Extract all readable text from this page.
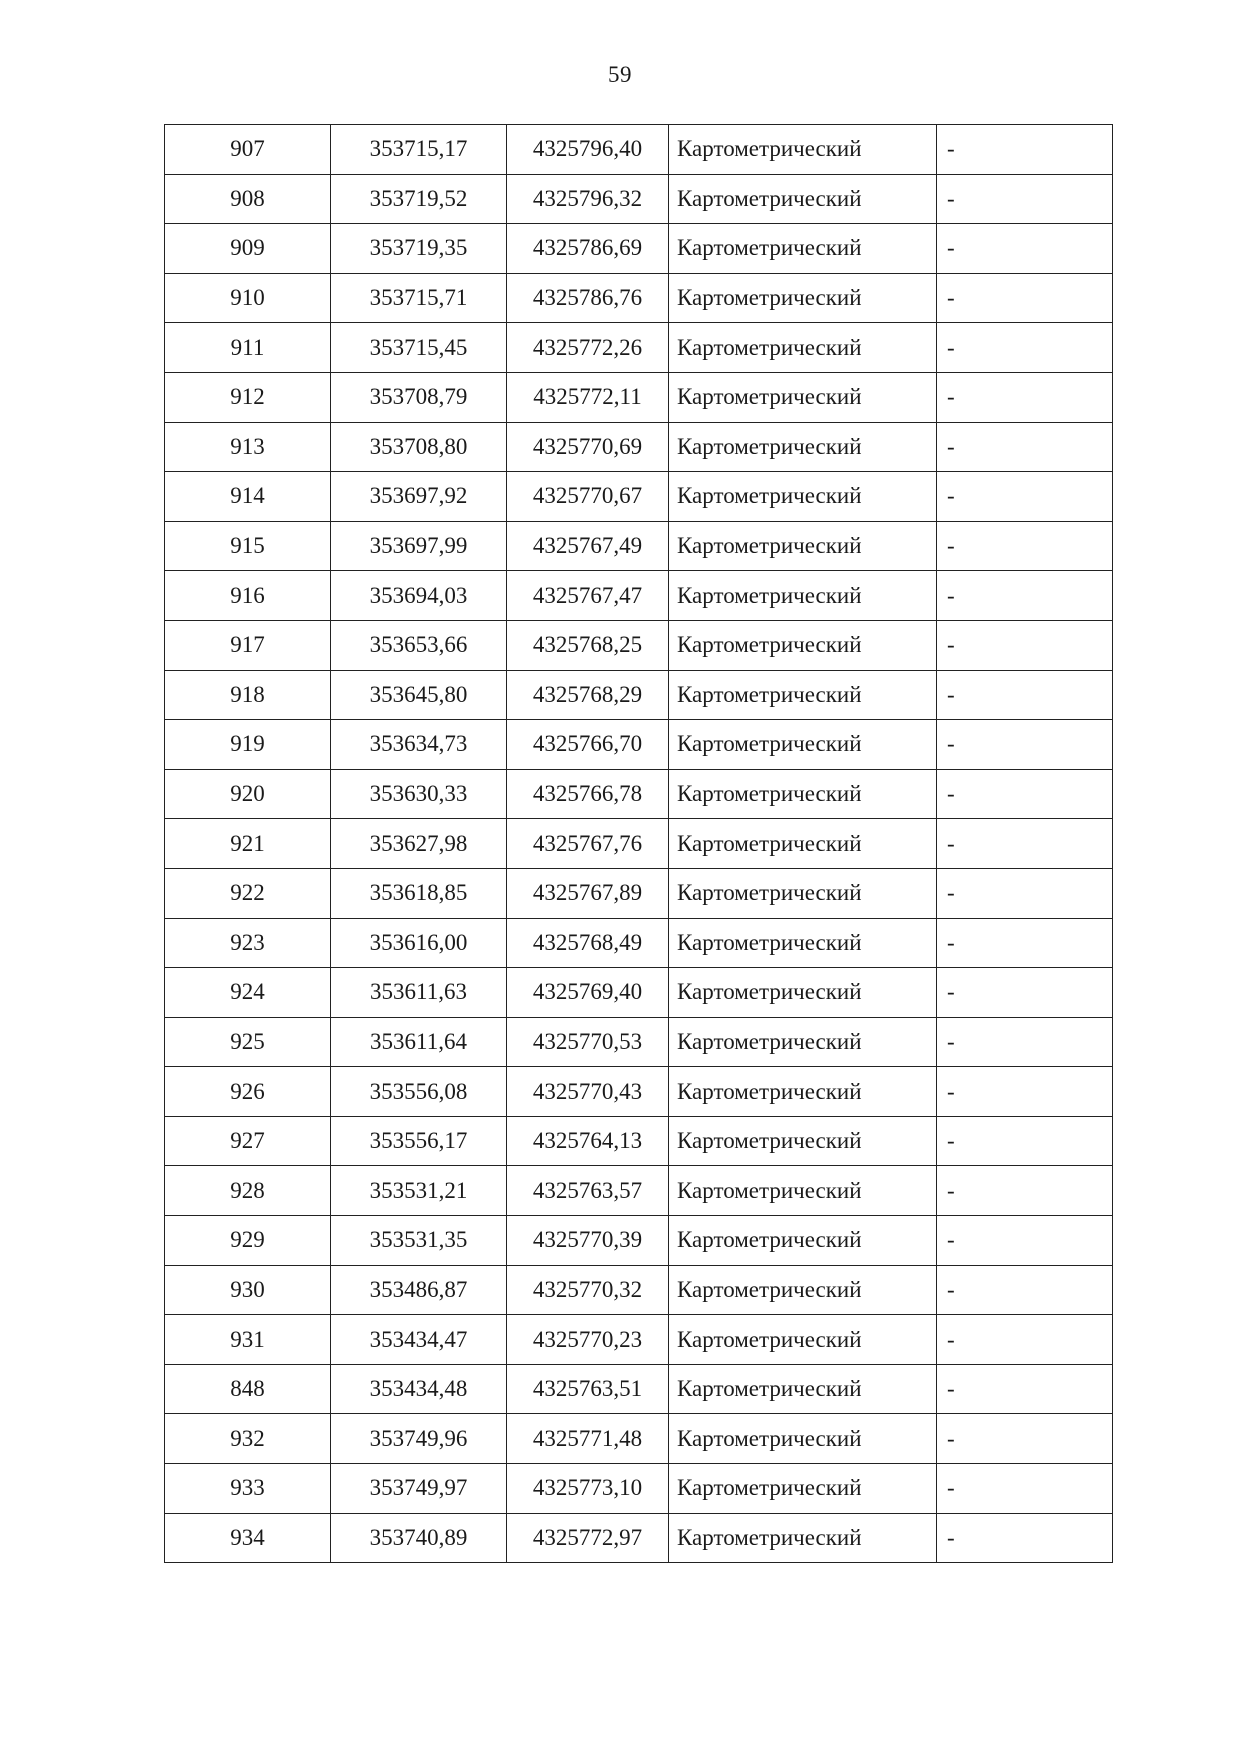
59
907	353715,17	4325796,40	Картометрический	-
908	353719,52	4325796,32	Картометрический	-
909	353719,35	4325786,69	Картометрический	-
910	353715,71	4325786,76	Картометрический	-
911	353715,45	4325772,26	Картометрический	-
912	353708,79	4325772,11	Картометрический	-
913	353708,80	4325770,69	Картометрический	-
914	353697,92	4325770,67	Картометрический	-
915	353697,99	4325767,49	Картометрический	-
916	353694,03	4325767,47	Картометрический	-
917	353653,66	4325768,25	Картометрический	-
918	353645,80	4325768,29	Картометрический	-
919	353634,73	4325766,70	Картометрический	-
920	353630,33	4325766,78	Картометрический	-
921	353627,98	4325767,76	Картометрический	-
922	353618,85	4325767,89	Картометрический	-
923	353616,00	4325768,49	Картометрический	-
924	353611,63	4325769,40	Картометрический	-
925	353611,64	4325770,53	Картометрический	-
926	353556,08	4325770,43	Картометрический	-
927	353556,17	4325764,13	Картометрический	-
928	353531,21	4325763,57	Картометрический	-
929	353531,35	4325770,39	Картометрический	-
930	353486,87	4325770,32	Картометрический	-
931	353434,47	4325770,23	Картометрический	-
848	353434,48	4325763,51	Картометрический	-
932	353749,96	4325771,48	Картометрический	-
933	353749,97	4325773,10	Картометрический	-
934	353740,89	4325772,97	Картометрический	-
